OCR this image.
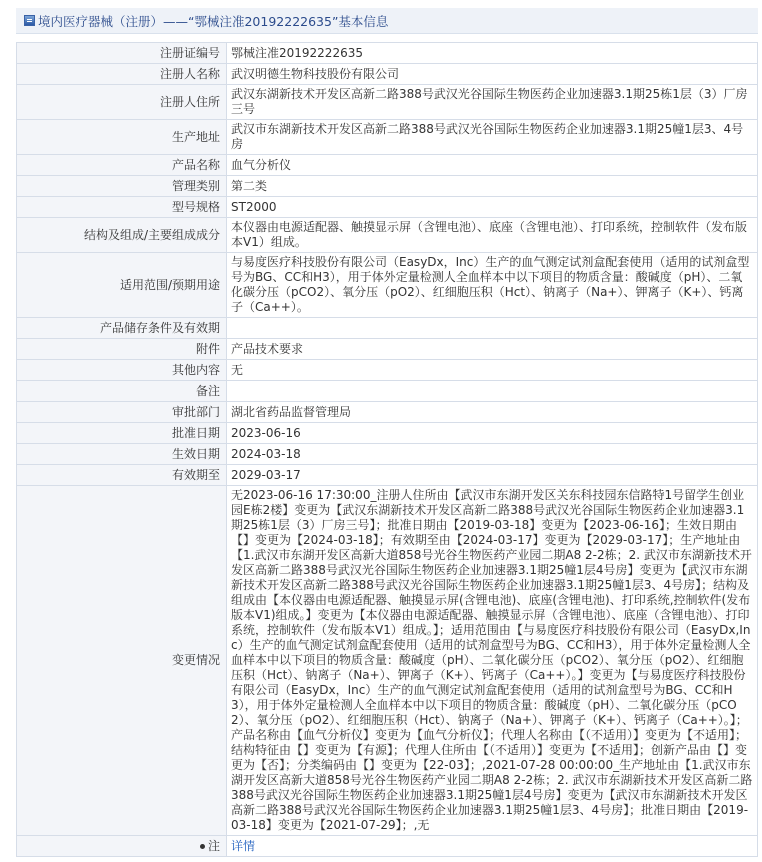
境内医疗器械（注册）——“鄂械注准20192222635”基本信息
注册证编号	鄂械注准20192222635
注册人名称	武汉明德生物科技股份有限公司
注册人住所	武汉东湖新技术开发区高新二路388号武汉光谷国际生物医药企业加速器3.1期25栋1层（3）厂房三号
生产地址	武汉市东湖新技术开发区高新二路388号武汉光谷国际生物医药企业加速器3.1期25幢1层3、4号房
产品名称	血气分析仪
管理类别	第二类
型号规格	ST2000
结构及组成/主要组成成分	本仪器由电源适配器、触摸显示屏（含锂电池）、底座（含锂电池）、打印系统，控制软件（发布版本V1）组成。
适用范围/预期用途	与易度医疗科技股份有限公司（EasyDx，Inc）生产的血气测定试剂盒配套使用（适用的试剂盒型号为BG、CC和H3），用于体外定量检测人全血样本中以下项目的物质含量：酸碱度（pH）、二氧化碳分压（pCO2）、氧分压（pO2）、红细胞压积（Hct）、钠离子（Na+）、钾离子（K+）、钙离子（Ca++）。
产品储存条件及有效期	
附件	产品技术要求
其他内容	无
备注	
审批部门	湖北省药品监督管理局
批准日期	2023-06-16
生效日期	2024-03-18
有效期至	2029-03-17
变更情况	无2023-06-16 17:30:00_注册人住所由【武汉市东湖开发区关东科技园东信路特1号留学生创业园E栋2楼】变更为【武汉东湖新技术开发区高新二路388号武汉光谷国际生物医药企业加速器3.1期25栋1层（3）厂房三号】；批准日期由【2019-03-18】变更为【2023-06-16】；生效日期由【】变更为【2024-03-18】；有效期至由【2024-03-17】变更为【2029-03-17】；生产地址由【1.武汉市东湖开发区高新大道858号光谷生物医药产业园二期A8 2-2栋；2. 武汉市东湖新技术开发区高新二路388号武汉光谷国际生物医药企业加速器3.1期25幢1层4号房】变更为【武汉市东湖新技术开发区高新二路388号武汉光谷国际生物医药企业加速器3.1期25幢1层3、4号房】；结构及组成由【本仪器由电源适配器、触摸显示屏(含锂电池)、底座(含锂电池)、打印系统,控制软件(发布版本V1)组成。】变更为【本仪器由电源适配器、触摸显示屏（含锂电池）、底座（含锂电池）、打印系统，控制软件（发布版本V1）组成。】；适用范围由【与易度医疗科技股份有限公司（EasyDx,Inc）生产的血气测定试剂盒配套使用（适用的试剂盒型号为BG、CC和H3），用于体外定量检测人全血样本中以下项目的物质含量：酸碱度（pH）、二氧化碳分压（pCO2）、氧分压（pO2）、红细胞压积（Hct）、钠离子（Na+）、钾离子（K+）、钙离子（Ca++）。】变更为【与易度医疗科技股份有限公司（EasyDx，Inc）生产的血气测定试剂盒配套使用（适用的试剂盒型号为BG、CC和H3），用于体外定量检测人全血样本中以下项目的物质含量：酸碱度（pH）、二氧化碳分压（pCO2）、氧分压（pO2）、红细胞压积（Hct）、钠离子（Na+）、钾离子（K+）、钙离子（Ca++）。】；产品名称由【血气分析仪】变更为【血气分析仪】；代理人名称由【（不适用）】变更为【不适用】；结构特征由【】变更为【有源】；代理人住所由【（不适用）】变更为【不适用】；创新产品由【】变更为【否】；分类编码由【】变更为【22-03】；,2021-07-28 00:00:00_生产地址由【1.武汉市东湖开发区高新大道858号光谷生物医药产业园二期A8 2-2栋；2. 武汉市东湖新技术开发区高新二路388号武汉光谷国际生物医药企业加速器3.1期25幢1层4号房】变更为【武汉市东湖新技术开发区高新二路388号武汉光谷国际生物医药企业加速器3.1期25幢1层3、4号房】；批准日期由【2019-03-18】变更为【2021-07-29】；,无

注	详情
